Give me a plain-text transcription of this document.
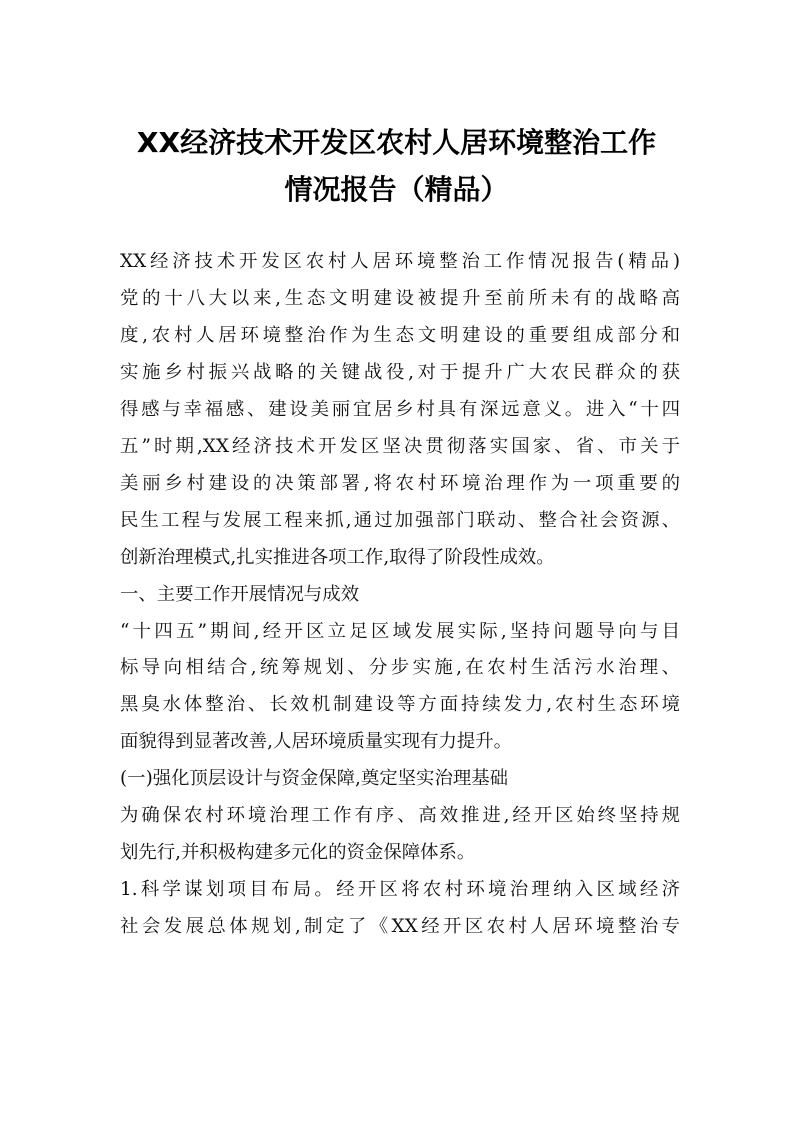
XX经济技术开发区农村人居环境整治工作
情况报告（精品）
XX经济技术开发区农村人居环境整治工作情况报告(精品)
党的十八大以来,生态文明建设被提升至前所未有的战略高
度,农村人居环境整治作为生态文明建设的重要组成部分和
实施乡村振兴战略的关键战役,对于提升广大农民群众的获
得感与幸福感、建设美丽宜居乡村具有深远意义。进入“十四
五”时期,XX经济技术开发区坚决贯彻落实国家、省、市关于
美丽乡村建设的决策部署,将农村环境治理作为一项重要的
民生工程与发展工程来抓,通过加强部门联动、整合社会资源、
创新治理模式,扎实推进各项工作,取得了阶段性成效。
一、主要工作开展情况与成效
“十四五”期间,经开区立足区域发展实际,坚持问题导向与目
标导向相结合,统筹规划、分步实施,在农村生活污水治理、
黑臭水体整治、长效机制建设等方面持续发力,农村生态环境
面貌得到显著改善,人居环境质量实现有力提升。
(一)强化顶层设计与资金保障,奠定坚实治理基础
为确保农村环境治理工作有序、高效推进,经开区始终坚持规
划先行,并积极构建多元化的资金保障体系。
1.科学谋划项目布局。经开区将农村环境治理纳入区域经济
社会发展总体规划,制定了《XX经开区农村人居环境整治专
